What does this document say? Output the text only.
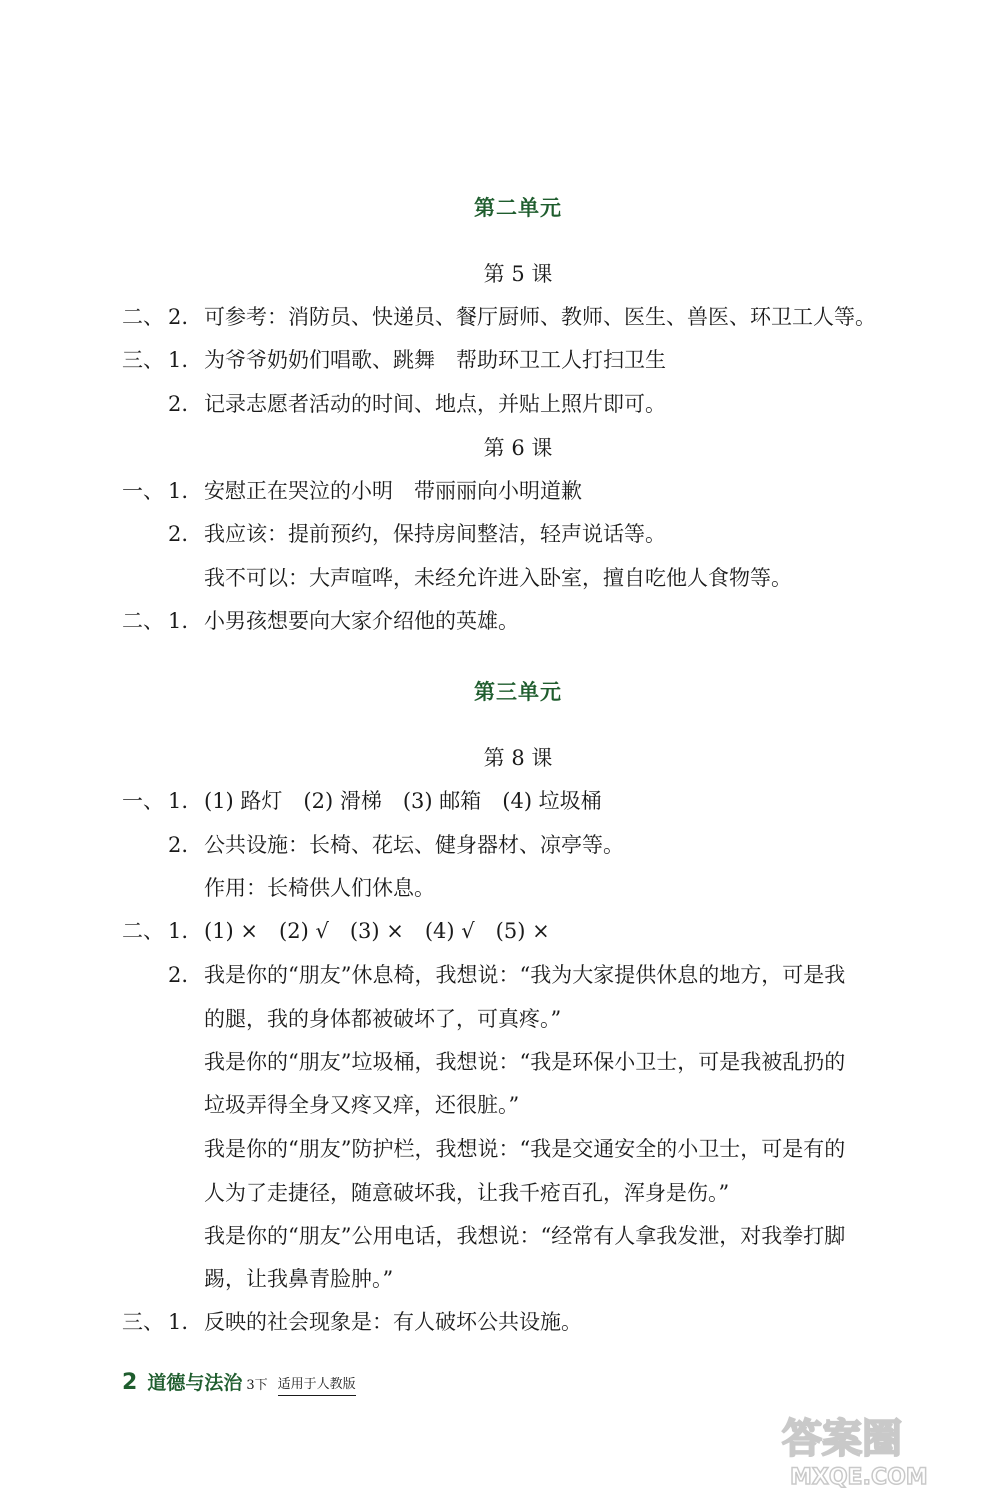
第二单元
第 5 课
二、 2. 可参考：消防员、快递员、餐厅厨师、教师、医生、兽医、环卫工人等。
三、 1. 为爷爷奶奶们唱歌、跳舞　帮助环卫工人打扫卫生
2. 记录志愿者活动的时间、地点，并贴上照片即可。
第 6 课
一、 1. 安慰正在哭泣的小明　带丽丽向小明道歉
2. 我应该：提前预约，保持房间整洁，轻声说话等。
我不可以：大声喧哗，未经允许进入卧室，擅自吃他人食物等。
二、 1. 小男孩想要向大家介绍他的英雄。
第三单元
第 8 课
一、 1. (1) 路灯　(2) 滑梯　(3) 邮箱　(4) 垃圾桶
2. 公共设施：长椅、花坛、健身器材、凉亭等。
作用：长椅供人们休息。
二、 1. (1) ×　(2) √　(3) ×　(4) √　(5) ×
2. 我是你的“朋友”休息椅，我想说：“我为大家提供休息的地方，可是我
的腿，我的身体都被破坏了，可真疼。”
我是你的“朋友”垃圾桶，我想说：“我是环保小卫士，可是我被乱扔的
垃圾弄得全身又疼又痒，还很脏。”
我是你的“朋友”防护栏，我想说：“我是交通安全的小卫士，可是有的
人为了走捷径，随意破坏我，让我千疮百孔，浑身是伤。”
我是你的“朋友”公用电话，我想说：“经常有人拿我发泄，对我拳打脚
踢，让我鼻青脸肿。”
三、 1. 反映的社会现象是：有人破坏公共设施。
2 道德与法治 3下 适用于人教版
答案圈
MXQE.COM
